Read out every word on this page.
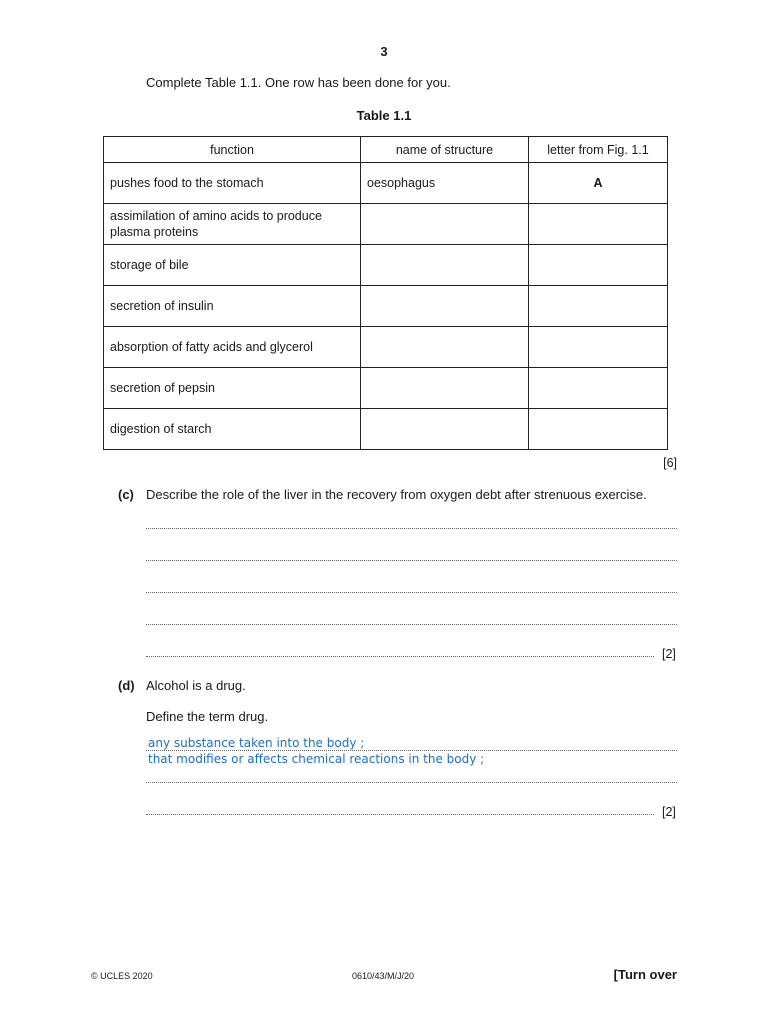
3
Complete Table 1.1. One row has been done for you.
Table 1.1
function	name of structure	letter from Fig. 1.1
pushes food to the stomach	oesophagus	A
assimilation of amino acids to produce plasma proteins		
storage of bile		
secretion of insulin		
absorption of fatty acids and glycerol		
secretion of pepsin		
digestion of starch		
[6]
(c) Describe the role of the liver in the recovery from oxygen debt after strenuous exercise.
[2]
(d) Alcohol is a drug.
Define the term drug.
any substance taken into the body ;
that modifies or affects chemical reactions in the body ;
[2]
© UCLES 2020	0610/43/M/J/20	[Turn over
